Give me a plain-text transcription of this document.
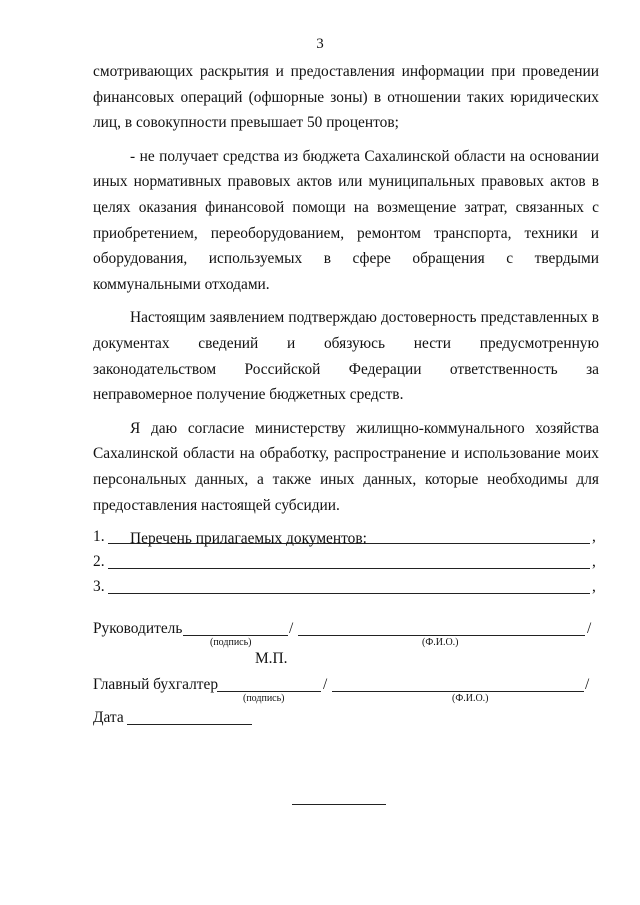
3

смотривающих раскрытия и предоставления информации при проведении финансовых операций (офшорные зоны) в отношении таких юридических лиц, в совокупности превышает 50 процентов;

- не получает средства из бюджета Сахалинской области на основании иных нормативных правовых актов или муниципальных правовых актов в целях оказания финансовой помощи на возмещение затрат, связанных с приобретением, переоборудованием, ремонтом транспорта, техники и оборудования, используемых в сфере обращения с твердыми коммунальными отходами.

Настоящим заявлением подтверждаю достоверность представленных в документах сведений и обязуюсь нести предусмотренную законодательством Российской Федерации ответственность за неправомерное получение бюджетных средств.

Я даю согласие министерству жилищно-коммунального хозяйства Сахалинской области на обработку, распространение и использование моих персональных данных, а также иных данных, которые необходимы для предоставления настоящей субсидии.

Перечень прилагаемых документов:

1.	,
2.	,
3.	,
Руководитель	/	/
(подпись)	(Ф.И.О.)
М.П.
Главный бухгалтер	/	/
(подпись)	(Ф.И.О.)
Дата
